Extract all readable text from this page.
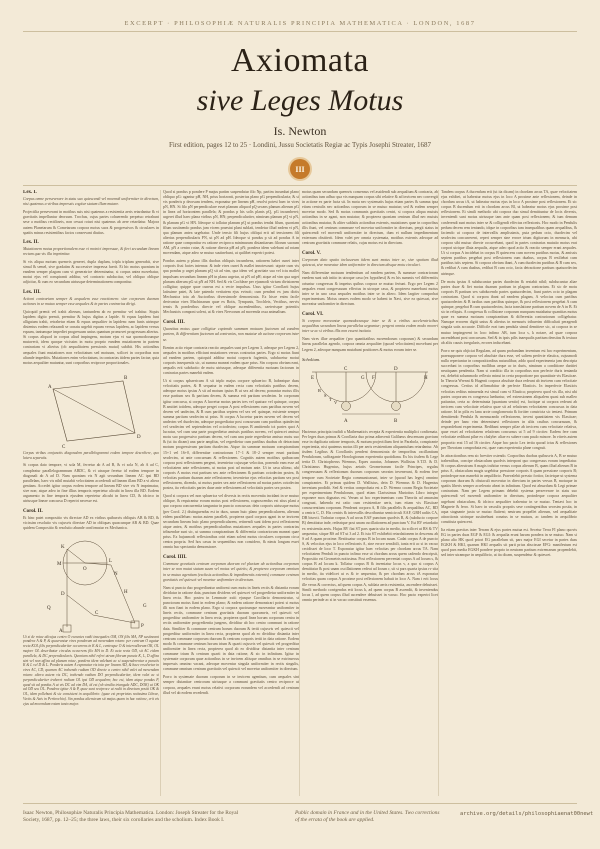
EXCERPT · PHILOSOPHIÆ NATURALIS PRINCIPIA MATHEMATICA · LONDON, 1687
Axiomata
sive Leges Motus
Is. Newton
First edition, pages 12 to 25 · Londini, Jussu Societatis Regiæ ac Typis Josephi Streater, 1687
III
Lex. I.

Corpus omne perseverare in statu suo quiescendi vel movendi uniformiter in directum, nisi quatenus a viribus impressis cogitur statum illum mutare.

Projectilia perseverant in motibus suis nisi quatenus a resistentia aeris retardantur & vi gravitatis impelluntur deorsum. Trochus, cujus partes cohaerendo perpetuo retrahunt sese a motibus rectilineis, non cessat rotari nisi quatenus ab aere retardatur. Majora autem Planetarum & Cometarum corpora motus suos & progressivos & circulares in spatiis minus resistentibus factos conservant diutius.

Lex. II.

Mutationem motus proportionalem esse vi motrici impressae, & fieri secundum lineam rectam qua vis illa imprimitur.

Si vis aliqua motum quemvis generet, dupla duplum, tripla triplum generabit, sive simul & semel, sive gradatim & successive impressa fuerit. Et hic motus quoniam in eandem semper plagam cum vi generatrice determinatur, si corpus antea movebatur, motui ejus vel conspiranti additur, vel contrario subducitur, vel obliquo oblique adjicitur, & cum eo secundum utriusque determinationem componitur.

Lex. III.

Actioni contrariam semper & aequalem esse reactionem: sive corporum duorum actiones in se mutuo semper esse aequales & in partes contrarias dirigi.

Quicquid premit vel trahit alterum, tantundem ab eo premitur vel trahitur. Siquis lapidem digito premit, premitur & hujus digitus a lapide. Si equus lapidem funi alligatum trahit, retrahetur etiam & equus aequaliter in lapidem: nam funis utrinque distentus eodem relaxandi se conatu urgebit equum versus lapidem, ac lapidem versus equum, tantumque impediet progressum unius quantum promovet progressum alterius. Si corpus aliquod in corpus aliud impingens, motum ejus vi sua quomodocunque mutaverit, idem quoque vicissim in motu proprio eandem mutationem in partem contrariam vi alterius (ob aequalitatem pressionis mutui) subibit. His actionibus aequales fiunt mutationes non velocitatum sed motuum, scilicet in corporibus non aliunde impeditis. Mutationes enim velocitatum, in contrarias itidem partes factae, quia motus aequaliter mutantur, sunt corporibus reciproce proportionales.

A
B
C
D

Corpus viribus conjunctis diagonalem parallelogrammi eodem tempore describere, quo latera separatis.

Si corpus dato tempore, vi sola M, ferretur ab A ad B, & vi sola N, ab A ad C, compleatur parallelogrammum ABDC, & vi utraque feretur id eodem tempore in diagonali ab A ad D. Nam quoniam vis N agit secundum lineam AC ipsi BD parallelam, haec vis nihil mutabit velocitatem accedendi ad lineam illam BD a vi altera genitam. Accedet igitur corpus eodem tempore ad lineam BD sive vis N imprimatur, sive non; atque adeo in fine illius temporis reperietur alicubi in linea illa BD. Eodem argumento in fine temporis ejusdem reperietur alicubi in linea CD, & idcirco in utriusque lineae concursu D reperiri necesse est.

Corol. II.

Et hinc patet compositio vis directae AD ex viribus quibusvis obliquis AB & BD, & vicissim resolutio vis cujusvis directae AD in obliquas quascunque AB & BD. Quae quidem Compositio & resolutio abunde confirmatur ex Mechanica.

A
K
L
M
N
O
P
D
C
H
G
Q

Ut si de rotae alicujus centro O exeuntes radii inaequales OM, ON filis MA, NP sustineant pondera A & P, & quaerantur vires ponderum ad movendam rotam: per centrum O agatur recta KOL filis perpendiculariter occurrens in K & L, centroque O & intervallorum OK, OL majore OL describatur circulus occurrens filo MA in D. Et acta recta OD, sit AC eidem parallela, & DC perpendicularis. Quoniam nihil refert utrum filorum puncta K, L, D affixa sint vel non affixa ad planum rotae, pondera idem valebunt ac si suspenderentur a punctis K & L vel D & L. Ponderis autem A exponatur vis tota per lineam AD, & haec resolvetur in vires AC, CD, quarum AC trahendo radium OD directe a centro nihil valet ad movendam rotam: altera autem vis DC, trahendo radium DO perpendiculariter, idem valet ac si perpendiculariter traheret radium OL ipsi OD aequalem; hoc est, idem atque pondus P, quod sit ad pondus A ut vis DC ad vim DA, id est (ob similia triangula ADC, DOK) ut OK ad OD seu OL. Pondera igitur A & P, quae sunt reciproce ut radii in directum positi OK & OL, idem pollebunt & sic consistent in aequilibrio: (quae est proprietas notissima Librae, Vectis & Axis in Peritrochio). Sin pondus alterutrum sit majus quam in hac ratione, erit vis ejus ad movendam rotam tanto major.

Quod si pondus p pondere P majus partim suspendatur filo Np, partim incumbat plano obliquo pG: agantur pH, NH, prius horizonti, posterius plano pG perpendicularia; & si vis ponderis p deorsum tendens, exponatur per lineam pH, resolvi potest haec in vires pN, HN. Si filo pN perpendiculare esset planum aliquod pQ secans planum alterum pG in linea ad horizontem parallela; & pondus p his solis planis pQ, pG incumberet; urgeret illud haec plana viribus pN, HN; perpendiculariter, nimirum planum pQ vi pN, & planum pG vi HN. Ideoque si tollatur planum pQ ut pondus tendat filum, quoniam filum sustinendo pondus jam vicem praestat plani sublati, tendetur illud eadem vi pN, qua planum antea urgebatur. Unde tensio fili hujus obliqui erit ad tensionem fili alterius perpendicularis PN, ut pN ad pH. Ideoque si pondus p sit ad pondus A in ratione quae componitur ex ratione reciproca minimarum distantiarum filorum suorum AM, pN a centro rotae, & ratione directa pH ad pN; pondera idem valebunt ad rotam movendam, atque adeo se mutuo sustinebunt, ut quilibet experiri potest.

Pondus autem p plano illis duobus obliquis incumbens, rationem habet cunei inter corporis fissi facies internas: & inde vires cunei & mallei innotescunt: utpote cum vis qua pondus p urget planum pQ sit ad vim, qua idem vel gravitate sua vel ictu mallei impulsum secundum lineam pH in plana urgetur, ut pN ad pH; atque ad vim qua urget planum alterum pG ut pN ad NH. Sed & vis Cochleae per ejusmodi virium divisionem colligitur; quippe quae cuneus est a vecte impulsus. Usus igitur Corollarii hujus latissime patet, & late patendo veritatem ejus evincit; cum pendeat ex jam dictis Mechanica tota ab Auctoribus diversimode demonstrata. Ex hisce enim facile derivantur vires Machinarum quae ex Rotis, Tympanis, Trochleis, Vectibus, nervis tensis & ponderibus directe vel oblique ascendentibus, caeterisque potentiis Mechanicis componi solent, ut & vires Nervorum ad movenda ossa animalium.

Corol. III.

Quantitas motus quae colligitur capiendo summam motuum factorum ad eandem partem, & differentiam factorum ad contrarias, non mutatur ab actione corporum inter se.

Etenim actio eique contraria reactio aequales sunt per Legem 3, adeoque per Legem 2, aequales in motibus efficiunt mutationes versus contrarias partes. Ergo si motus fiunt ad eandem partem, quicquid additur motui corporis fugientis, subducetur motui corporis insequentis sic, ut summa maneat eadem quae prius. Sin corpora obviam eant, aequalis erit subductio de motu utriusque, adeoque differentia motuum factorum in contrarias partes manebit eadem.

Ut si corpus sphaericum A sit triplo majus corpore sphaerico B, habeatque duas velocitatis partes, & B sequatur in eadem recta cum velocitatis partibus decem, adeoque motus ipsius A sit ad motum ipsius B ut sex ad decem; ponantur motus illis esse partium sex & partium decem, & summa erit partium sexdecim. In corporum igitur concursu, si corpus A lucretur motus partes tres vel quatuor vel quinque, corpus B amittet totidem, adeoque perget corpus A post reflexionem cum partibus novem vel decem vel undecim, & B cum partibus septem vel sex vel quinque, existente semper summa partium sexdecim ut prius. Si corpus A lucretur partes novem vel decem vel undecim vel duodecim, adeoque progrediatur post concursum cum partibus quindecim vel sexdecim vel septendecim vel octodecim; corpus B amittendo tot partes quot A lucratur, vel cum una parte progredietur amissis partibus novem, vel quiescet amisso motu suo progressivo partium decem, vel cum una parte regredietur amisso motu suo & (ut ita dicam) una parte amplius, vel regredietur cum partibus duabus ob detractum motum progressivum partium duodecim. Atque ita summae motuum conspirantium 15+1 vel 16+0, differentiae contrariorum 17−1 & 18−2 semper erunt partium sexdecim, ut ante concursum & reflexionem. Cognitis autem motibus quibuscum corpora post reflexionem pergent, invenietur cujusque velocitas, ponendo eam esse ad velocitatem ante reflexionem, ut motus post ad motum ante. Ut in casu ultimo, ubi corporis A motus erat partium sex ante reflexionem & partium octodecim postea, & velocitas partium duarum ante reflexionem; invenietur ejus velocitas partium sex post reflexionem, dicendo, ut motus partes sex ante reflexionem ad motus partes octodecim postea, ita velocitatis partes duae ante reflexionem ad velocitatis partes sex postea.

Quod si corpora vel non sphaerica vel diversis in rectis moventia incidant in se mutuo oblique, & requirantur eorum motus post reflexionem, cognoscendus est situs plani a quo corpora concurrentia tanguntur in puncto concursus: dein corporis utriusque motus (per Corol. 2.) distinguendus est in duos, unum huic plano perpendicularem, alterum eidem parallelum: motus autem paralleli, propterea quod corpora agant in se invicem secundum lineam huic plano perpendicularem, retinendi sunt iidem post reflexionem atque antea, & motibus perpendicularibus mutationes aequales in partes contrarias tribuendae sunt sic, ut summa conspirantium & differentia contrariorum maneat quae prius. Ex hujusmodi reflexionibus oriri etiam solent motus circulares corporum circa centra propria. Sed hos casus in sequentibus non considero, & nimis longum esset omnia huc spectantia demonstrare.

Corol. IIII.

Commune gravitatis centrum corporum duorum vel plurium ab actionibus corporum inter se non mutat statum suum vel motus vel quietis; & propterea corporum omnium in se mutuo agentium (exclusis actionibus & impedimentis externis) commune centrum gravitatis vel quiescit vel movetur uniformiter in directum.

Nam si puncta duo progrediantur uniformi cum motu in lineis rectis & distantia eorum dividatur in ratione data, punctum dividens vel quiescet vel progredietur uniformiter in linea recta. Hoc postea in Lemmate xxiii ejusque Corollario demonstratur, si punctorum motus fiant in eodem plano; & eadem ratione demonstrari potest si motus illi non fiant in eodem plano. Ergo si corpora quotcunque moveantur uniformiter in lineis rectis, commune centrum gravitatis duorum quorumvis, vel quiescit vel progreditur uniformiter in linea recta, propterea quod linea horum corporum centra in rectis uniformiter progredientia jungens, dividitur ab hoc centro communi in ratione data. Similiter & commune centrum horum duorum & tertii cujusvis vel quiescit vel progreditur uniformiter in linea recta, propterea quod ab eo dividitur distantia inter centrum commune corporum duorum & centrum corporis tertii in data ratione. Eodem modo & commune centrum horum trium & quarti cujusvis vel quiescit vel progreditur uniformiter in linea recta, propterea quod ab eo dividitur distantia inter centrum commune trium & centrum quarti in data ratione, & sic in infinitum. Igitur in systemate corporum quae actionibus in se invicem aliisque omnibus in se extrinsecus impressis omnino vacant, adeoque moventur singula uniformiter in rectis singulis, commune omnium centrum gravitatis vel quiescit vel movetur uniformiter in directum.

Porro in systemate duorum corporum in se invicem agentium, cum aequales sint semper distantiae centrorum utriusque a communi gravitatis centro reciproce ut corpora, aequales erunt motus relativi corporum eorundem vel accedendi ad centrum illud vel ab eodem recedendi.

motus quam secundum quemvis consensus vel assidendi sub aequalium & contraria, ab actionibus tum adhuc qua vis nunquam corpus sibi relative & ad invicem nec convergit in actione ex parte facta sit. In motu nec systematis hujus etiam partes & summa ipsa etiam centralis nec actionibus corporum in se mutuo mutatur; sed & eodem semper movetur modo. Sed & motus communis gravitatis centri, si corpora aliqua mutuis actionibus in se agant, non mutatur; & propterea quoniam centrum illud nec mutuis actionibus mutatur, & aliter sublatis actionibus externis, mutationes quae in corporibus illis fiunt, vel centrum commune vel movetur uniformiter in directum, pergit status in quiescendi vel movendi uniformiter in directum, dum ei nullum impedimentum externum obstiterit. Idem valet per omnia systemata, motibus externis adeoque ad centrum gravitatis commune relatis, cujus motus est in directum.

Corol. V.

Corporum dato spatio inclusorum iidem sunt motus inter se, sive spatium illud quiescat, sive moveatur idem uniformiter in directum absque motu circulari.

Nam differentiae motuum tendentium ad eandem partem, & summae contrariorum eaedem sunt sub initio in utroque casu (ex hypothesi) & ex his summis vel differentiis oriuntur congressus & impetus quibus corpora se mutuo feriunt. Ergo per Legem 2 aequales erunt congressuum effectus in utroque casu, & propterea manebunt motus inter se in uno casu aequales motibus inter se in altero. Idem largiter comprobat experimentum. Motus omnes eodem modo se habent in Navi, sive ea quiescat, sive moveatur uniformiter in directum.

Corol. VI.

Si corpora moveantur quomodocunque inter se & a viribus acceleratricibus aequalibus secundum lineas parallelas urgeantur; pergent omnia eodem modo moveri inter se ac si viribus illis non essent incitata.

Nam vires illae aequaliter (pro quantitatibus movendorum corporum) & secundum lineas parallelas agendo, corpora omnia aequaliter (quoad velocitatem) movebunt per Legem 2, adeoque nunquam mutabunt positiones & motus eorum inter se.

Scholium.
C	D
E	F
G	H
A	B
R
S
T
V

Hactenus principia tradidi a Mathematicis recepta & experientia multiplici confirmata. Per leges duas primas & Corollaria duo prima adinvenit Galilaeus descensum gravium esse in duplicata ratione temporis, & motum projectilium fieri in Parabola, conspirante experientia, nisi quatenus motus illi per aeris resistentiam aliquantulum retardantur. Ab iisdem Legibus & Corollariis pendent demonstrata de temporibus oscillantium Pendulorum, suffragante Horologiorum experientia quotidiana. Ex his iisdem & Lege tertia D. Christopherus Wrennus, Eques auratus, Johannes Wallisius S.T.D. & D. Christianus Hugenius, hujus aetatis Geometrarum facile Principes, regulas congressuum & reflexionum duorum corporum seorsim invenerunt, & eodem fere tempore cum Societate Regia communicarunt, inter se (quoad has leges) omnino conspirantes. Et primus quidem D. Wallisius, dein D. Wrennus & D. Hugenius inventum prodidit. Sed & veritas comprobata est a D. Wrenno coram Regia Societate per experimentum Pendulorum, quod etiam Clarissimus Mariottus Libro integro exponere mox dignatus est. Verum ut hoc experimentum cum Theoriis ad amussim congruat, habenda est ratio cum resistentiae aeris, tum etiam vis Elasticae concurrentium corporum. Pendeant corpora A, B filis parallelis & aequalibus AC, BD a centris C, D. His centris & intervallis describantur semicirculi EAF, GBH radiis CA, DB bisecti. Trahatur corpus A ad arcus EAF punctum quodvis R, & (subducto corpore B) demittatur inde, redeatque post unam oscillationem ad punctum V. Est RV retardatio ex resistentia aeris. Hujus RV fiat ST pars quarta sita in medio, ita scilicet ut RS & TV aequentur, sitque RS ad ST ut 3 ad 2. Et ista ST exhibebit retardationem in descensu ab S ad A quam proxime. Restituatur corpus B in locum suum. Cadat corpus A de puncto S, & velocitas ejus in loco reflexionis A, sine errore sensibili, tanta erit ac si in vacuo cecidisset de loco T. Exponatur igitur haec velocitas per chordam arcus TA. Nam velocitatem Penduli in puncto infimo esse ut chordam arcus quem cadendo descripsit, Propositio est Geometris notissima. Post reflexionem perveniat corpus A ad locum s, & corpus B ad locum k. Tollatur corpus B & inveniatur locus v, a quo si corpus A demittatur & post unam oscillationem redeat ad locum r, sit st pars quarta ipsius rv sita in medio, ita videlicet ut rs & tv aequentur, & per chordam arcus tA exponatur velocitas quam corpus A proxime post reflexionem habuit in loco A. Nam t erit locus ille verus & correctus, ad quem corpus A, sublata aeris resistentia, ascendere debuisset. Simili methodo corrigendus erit locus k, ad quem corpus B ascendit, & inveniendus locus l, ad quem corpus illud ascendere debuisset in vacuo. Hoc pacto experiri licet omnia perinde ac si in vacuo constituti essemus.

Tandem corpus A ducendum erit (ut ita dicam) in chordam arcus TA, quae velocitatem ejus exhibet, ut habeatur motus ejus in loco A proxime ante reflexionem, deinde in chordam arcus tA, ut habeatur motus ejus in loco A proxime post reflexionem. Et sic corpus B ducendum erit in chordam arcus Bl, ut habeatur motus ejus proxime post reflexionem. Et simili methodo ubi corpora duo simul demittuntur de locis diversis, inveniendi sunt motus utriusque tam ante quam post reflexionem; & tum demum conferendi sunt motus inter se & colligendi effectus reflexionis. Hoc modo in Pendulis pedum decem rem tentando, idque in corporibus tam inaequalibus quam aequalibus, & faciendo ut corpora de intervallis amplissimis, puta pedum octo, duodecim vel sexdecim concurrerent, reperi semper sine errore trium digitorum in mensuris, ubi corpora sibi mutuo directe occurrebant, quod in partes contrarias mutatio motus erat corpori utrique illata aequalis, atque adeo quod actio & reactio semper erant aequales. Ut si corpus A incidebat in corpus B quiescens cum novem partibus motus, & amissis septem partibus pergebat post reflexionem cum duabus, corpus B resiliebat cum partibus istis septem. Si corpora obviam ibant, A cum duodecim partibus & B cum sex, & redibat A cum duabus, redibat B cum octo, facta detractione partium quatuordecim utrinque.

De motu ipsius A subducantur partes duodecim & restabit nihil; subducantur aliae partes duae & fiet motus duarum partium in plagam contrariam. Et sic de motu corporis B partium sex subducendo partes quatuordecim, fiunt partes octo in plagam contrariam. Quod si corpora ibant ad eandem plagam, A velocius cum partibus quatuordecim & B tardius cum partibus quinque, & post reflexionem pergebat A cum quinque, pergebat B cum quatuordecim, facta translatione partium novem de A in B. Et sic in reliquis. A congressu & collisione corporum nunquam mutabatur quantitas motus quae ex summa motuum conspirantium & differentia contrariorum colligebatur. Namque errorem digiti unius & alterius in mensuris tribuerim difficultati peragendi singula satis accurate. Difficile erat tum pendula simul demittere sic, ut corpora in se mutuo impingerent in loco infimo AB, tum loca s, k notare, ad quae corpora ascendebant post concursum. Sed & in ipsis pilis inaequalis partium densitas & textura ab aliis causis irregularis, errores inducebant.

Porro ne quis objiciat Regulam, ad quam probandam inventum est hoc experimentum, praesupponere corpora vel absolute dura esse, vel saltem perfecte elastica, cujusmodi nulla reperiuntur in compositionibus naturalibus; addo quod experimenta jam descripta succedunt in corporibus mollibus aeque ac in duris, nimirum a conditione duritiei neutiquam pendentia. Nam si conditio illa in corporibus non perfecte duris tentanda est, debebit solummodo reflexio minui in certa proportione pro quantitate vis Elasticae. In Theoria Wrenni & Hugenii corpora absolute dura redeunt ab invicem cum velocitate congressus. Certius id affirmabitur de perfecte Elasticis. In imperfecte Elasticis velocitas reditus minuenda est simul cum vi Elastica; propterea quod vis illa, nisi ubi partes corporum ex congressu laeduntur, vel extensionem aliqualem quasi sub malleo patiuntur, certa ac determinata (quantum sentio) est, facitque ut corpora redeant ab invicem cum velocitate relativa quae sit ad relativam velocitatem concursus in data ratione. Id in pilis ex lana arcte conglomerata & fortiter constricta sic tentavi. Primum demittendo Pendula & mensurando reflexionem, inveni quantitatem vis Elasticae; deinde per hanc vim determinavi reflexiones in aliis casibus concursuum, & respondebant experimenta. Redibant semper pilae ab invicem cum velocitate relativa, quae esset ad velocitatem relativam concursus ut 5 ad 9 circiter. Eadem fere cum velocitate redibant pilae ex chalybe: aliae ex subere cum paulo minore. In vitreis autem proportio erat 15 ad 16 circiter. Atque hoc pacto Lex tertia quoad ictus & reflexiones per Theoriam comprobata est, quae cum experientia plane congruit.

In attractionibus rem sic breviter ostendo. Corporibus duobus quibusvis A, B se mutuo trahentibus, concipe obstaculum quodvis interponi quo congressus eorum impediatur. Si corpus alterutrum A magis trahitur versus corpus alterum B, quam illud alterum B in prius A, obstaculum magis urgebitur pressione corporis A quam pressione corporis B; proindeque non manebit in aequilibrio. Praevalebit pressio fortior, facietque ut systema corporum duorum & obstaculi moveatur in directum in partes versus B, motuque in spatiis liberis semper accelerato abeat in infinitum. Quod est absurdum & Legi primae contrarium. Nam per Legem primam debebit systema perseverare in statu suo quiescendi vel movendi uniformiter in directum, proindeque corpora aequaliter urgebunt obstaculum, & idcirco aequaliter trahentur in se mutuo. Tentavi hoc in Magnete & ferro. Si haec in vasculis propriis sese contingentibus seorsim posita, in aqua stagnante juxta se mutuo fluitent; neutrum propellet alterum, sed aequalitate attractionis utrinque sustinebunt conatus in se mutuos, ac tandem in aequilibrio constituta quiescent.

Ita etiam gravitas inter Terram & ejus partes mutua est. Secetur Terra FI plano quovis EG in partes duas EGF & EGI: & aequalia erunt harum pondera in se mutuo. Nam si plano alio HK quod priori EG parallelum sit, pars major EGI secetur in partes duas EGKH & HKI, quarum HKI aequalis sit parti prius abscissae EFG: manifestum est quod pars media EGKH pondere proprio in neutram partium extremarum propendebit, sed inter utramque in aequilibrio, ut ita dicam, suspendetur & quiescet.

Isaac Newton, Philosophiæ Naturalis Principia Mathematica. London: Joseph Streater for the Royal Society, 1687, pp. 12–25; the three laws, their six corollaries and the scholium. Index Book I.
Public domain in France and in the United States. Two corrections of the errata of the book are applied.
archive.org/details/philosophiaenat00newt
